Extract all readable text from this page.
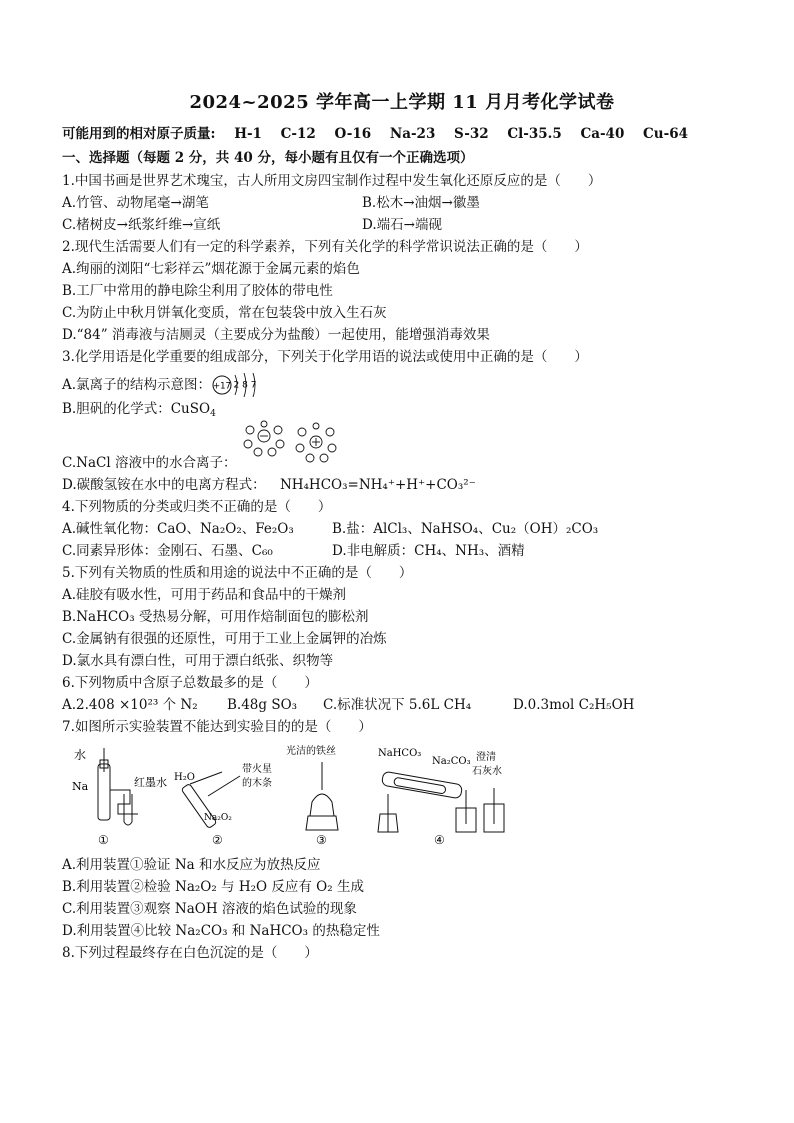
2024~2025 学年高一上学期 11 月月考化学试卷
可能用到的相对原子质量: H-1 C-12 O-16 Na-23 S-32 Cl-35.5 Ca-40 Cu-64
一、选择题（每题 2 分，共 40 分，每小题有且仅有一个正确选项）
1.中国书画是世界艺术瑰宝，古人所用文房四宝制作过程中发生氧化还原反应的是（　　）
A.竹管、动物尾毫→湖笔	B.松木→油烟→徽墨
C.楮树皮→纸浆纤维→宣纸	D.端石→端砚
2.现代生活需要人们有一定的科学素养，下列有关化学的科学常识说法正确的是（　　）
A.绚丽的浏阳“七彩祥云”烟花源于金属元素的焰色
B.工厂中常用的静电除尘利用了胶体的带电性
C.为防止中秋月饼氧化变质，常在包装袋中放入生石灰
D.“84” 消毒液与洁厕灵（主要成分为盐酸）一起使用，能增强消毒效果
3.化学用语是化学重要的组成部分，下列关于化学用语的说法或使用中正确的是（　　）
A.氯离子的结构示意图： +17 2 8 7
B.胆矾的化学式：CuSO$_4$
C.NaCl 溶液中的水合离子：
D.碳酸氢铵在水中的电离方程式： NH₄HCO₃=NH₄⁺+H⁺+CO₃²⁻
4.下列物质的分类或归类不正确的是（　　）
A.碱性氧化物：CaO、Na₂O₂、Fe₂O₃	B.盐：AlCl₃、NaHSO₄、Cu₂（OH）₂CO₃
C.同素异形体：金刚石、石墨、C₆₀	D.非电解质：CH₄、NH₃、酒精
5.下列有关物质的性质和用途的说法中不正确的是（　　）
A.硅胶有吸水性，可用于药品和食品中的干燥剂
B.NaHCO₃ 受热易分解，可用作焙制面包的膨松剂
C.金属钠有很强的还原性，可用于工业上金属钾的冶炼
D.氯水具有漂白性，可用于漂白纸张、织物等
6.下列物质中含原子总数最多的是（　　）
A.2.408 ×10²³ 个 N₂	B.48g SO₃	C.标准状况下 5.6L CH₄	D.0.3mol C₂H₅OH
7.如图所示实验装置不能达到实验目的的是（　　）
水
Na	红墨水
①
H₂O
带火星
的木条
Na₂O₂
②
光洁的铁丝
③
NaHCO₃
Na₂CO₃ 澄清
石灰水
④
A.利用装置①验证 Na 和水反应为放热反应
B.利用装置②检验 Na₂O₂ 与 H₂O 反应有 O₂ 生成
C.利用装置③观察 NaOH 溶液的焰色试验的现象
D.利用装置④比较 Na₂CO₃ 和 NaHCO₃ 的热稳定性
8.下列过程最终存在白色沉淀的是（　　）
